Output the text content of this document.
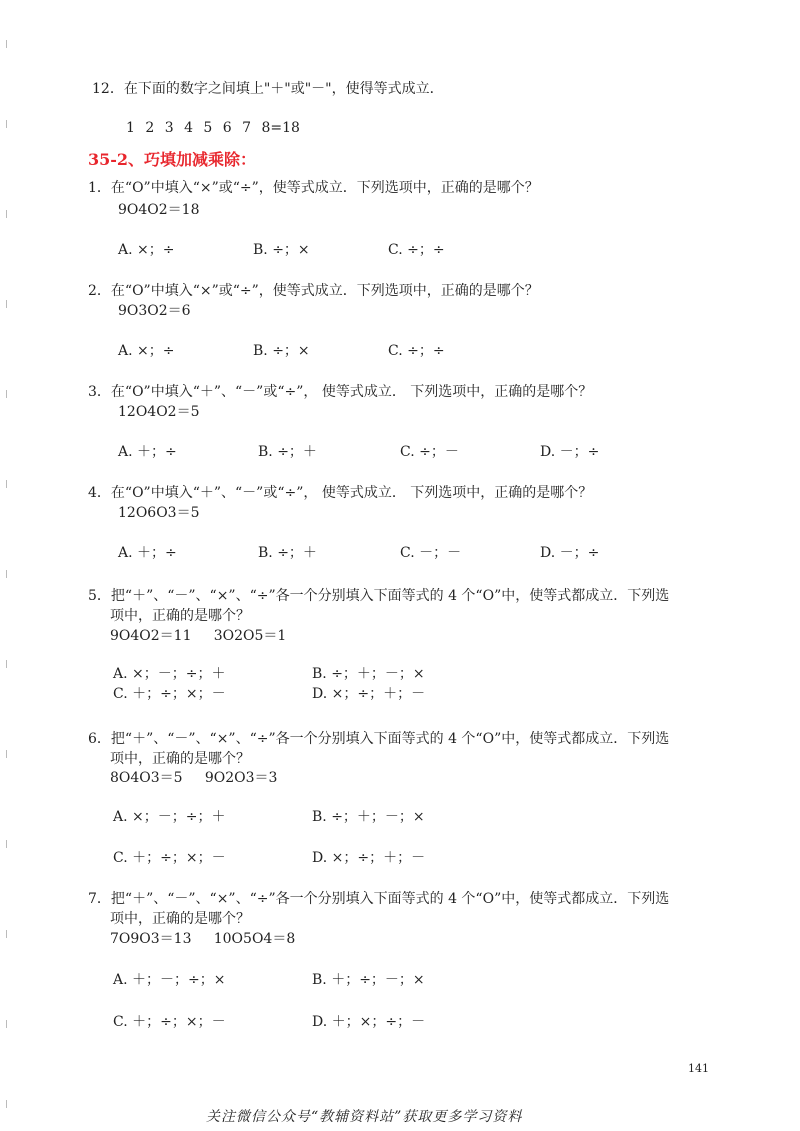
12．在下面的数字之间填上"＋"或"－"，使得等式成立．
1 2 3 4 5 6 7 8=18
35-2、巧填加减乘除：
1．在“O”中填入“×”或“÷”，使等式成立．下列选项中，正确的是哪个？
9O4O2＝18
A. ×；÷	B. ÷；×	C. ÷；÷
2．在“O”中填入“×”或“÷”，使等式成立．下列选项中，正确的是哪个？
9O3O2＝6
A. ×；÷	B. ÷；×	C. ÷；÷
3．在“O”中填入“＋”、“－”或“÷”， 使等式成立． 下列选项中，正确的是哪个？
12O4O2＝5
A. ＋；÷	B. ÷；＋	C. ÷；－	D. －；÷
4．在“O”中填入“＋”、“－”或“÷”， 使等式成立． 下列选项中，正确的是哪个？
12O6O3＝5
A. ＋；÷	B. ÷；＋	C. －；－	D. －；÷
5．把“＋”、“－”、“×”、“÷”各一个分别填入下面等式的 4 个“O”中，使等式都成立．下列选
项中，正确的是哪个？
9O4O2＝11     3O2O5＝1
A. ×；－；÷；＋	B. ÷；＋；－；×
C. ＋；÷；×；－	D. ×；÷；＋；－
6．把“＋”、“－”、“×”、“÷”各一个分别填入下面等式的 4 个“O”中，使等式都成立．下列选
项中，正确的是哪个？
8O4O3＝5     9O2O3＝3
A. ×；－；÷；＋	B. ÷；＋；－；×
C. ＋；÷；×；－	D. ×；÷；＋；－
7．把“＋”、“－”、“×”、“÷”各一个分别填入下面等式的 4 个“O”中，使等式都成立．下列选
项中，正确的是哪个？
7O9O3＝13     10O5O4＝8
A. ＋；－；÷；×	B. ＋；÷；－；×
C. ＋；÷；×；－	D. ＋；×；÷；－
141
关注微信公众号“教辅资料站”获取更多学习资料
